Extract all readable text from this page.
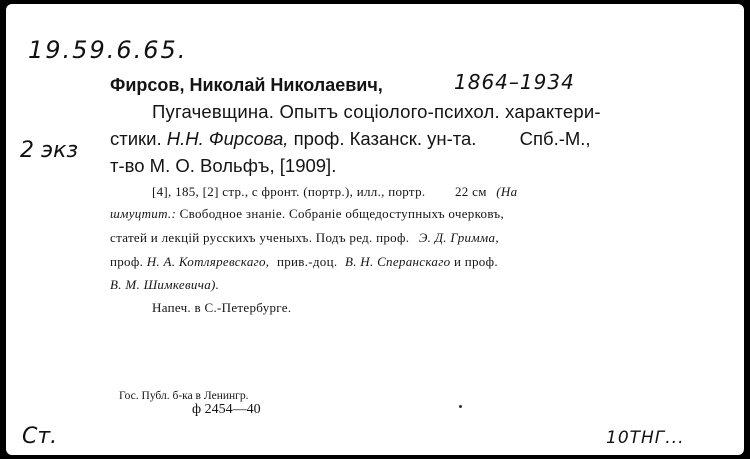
19.59.6.65.
Фирсов, Николай Николаевич,	1864–1934
Пугачевщина. Опытъ соціолого-психол. характери-
2 экз стики. Н.Н. Фирсова, проф. Казанск. ун-та. Спб.-М.,
т-во М. О. Вольфъ, [1909].
[4], 185, [2] стр., с фронт. (портр.), илл., портр. 22 см (На
шмуцтит.: Свободное знаніе. Собраніе общедоступныхъ очерковъ,
статей и лекцій русскихъ ученыхъ. Подъ ред. проф. Э. Д. Гримма,
проф. Н. А. Котляревскаго, прив.-доц. В. Н. Сперанскаго и проф.
В. М. Шимкевича).
Напеч. в С.-Петербурге.
Гос. Публ. б-ка в Ленингр.
ф 2454—40
Ст.	10ТНГ...
